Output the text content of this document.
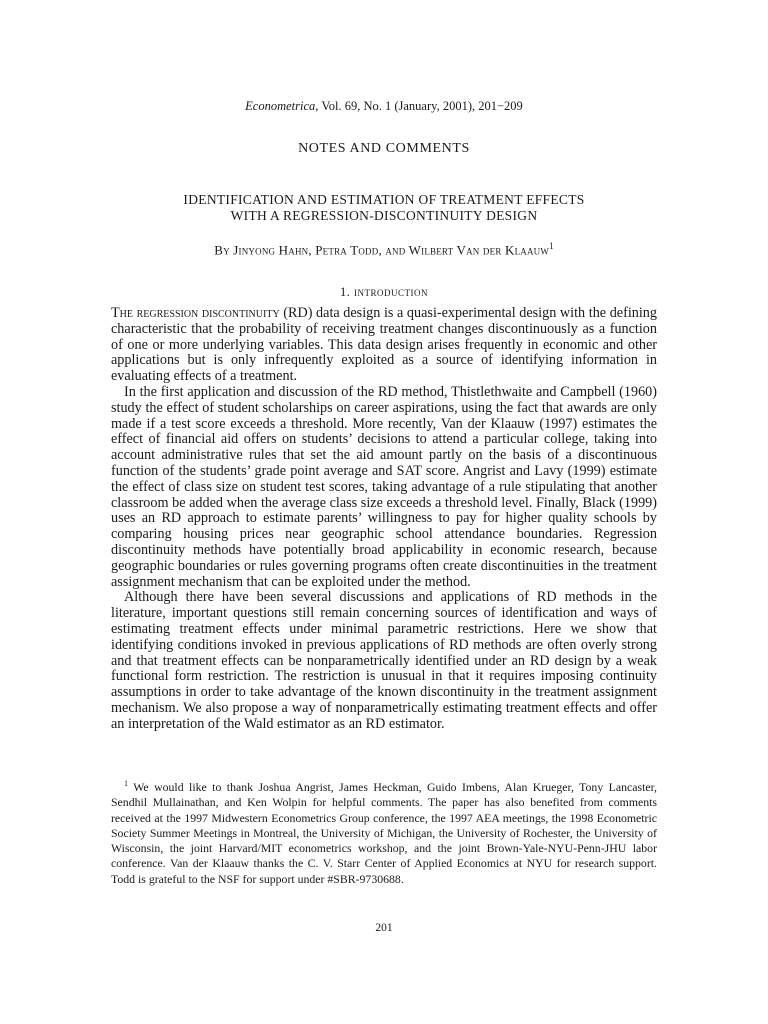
Econometrica, Vol. 69, No. 1 (January, 2001), 201−209
NOTES AND COMMENTS
IDENTIFICATION AND ESTIMATION OF TREATMENT EFFECTS
WITH A REGRESSION-DISCONTINUITY DESIGN
By Jinyong Hahn, Petra Todd, and Wilbert Van der Klaauw$^1$
1. introduction

The regression discontinuity (RD) data design is a quasi-experimental design with the defining characteristic that the probability of receiving treatment changes discontinuously as a function of one or more underlying variables. This data design arises frequently in economic and other applications but is only infrequently exploited as a source of identifying information in evaluating effects of a treatment.

In the first application and discussion of the RD method, Thistlethwaite and Campbell (1960) study the effect of student scholarships on career aspirations, using the fact that awards are only made if a test score exceeds a threshold. More recently, Van der Klaauw (1997) estimates the effect of financial aid offers on students’ decisions to attend a particular college, taking into account administrative rules that set the aid amount partly on the basis of a discontinuous function of the students’ grade point average and SAT score. Angrist and Lavy (1999) estimate the effect of class size on student test scores, taking advantage of a rule stipulating that another classroom be added when the average class size exceeds a threshold level. Finally, Black (1999) uses an RD approach to estimate parents’ willingness to pay for higher quality schools by comparing housing prices near geographic school attendance boundaries. Regression discontinuity methods have potentially broad applicability in economic research, because geographic boundaries or rules governing programs often create discontinuities in the treatment assignment mechanism that can be exploited under the method.

Although there have been several discussions and applications of RD methods in the literature, important questions still remain concerning sources of identification and ways of estimating treatment effects under minimal parametric restrictions. Here we show that identifying conditions invoked in previous applications of RD methods are often overly strong and that treatment effects can be nonparametrically identified under an RD design by a weak functional form restriction. The restriction is unusual in that it requires imposing continuity assumptions in order to take advantage of the known discontinuity in the treatment assignment mechanism. We also propose a way of nonparametrically estimating treatment effects and offer an interpretation of the Wald estimator as an RD estimator.

$^1$ We would like to thank Joshua Angrist, James Heckman, Guido Imbens, Alan Krueger, Tony Lancaster, Sendhil Mullainathan, and Ken Wolpin for helpful comments. The paper has also benefited from comments received at the 1997 Midwestern Econometrics Group conference, the 1997 AEA meetings, the 1998 Econometric Society Summer Meetings in Montreal, the University of Michigan, the University of Rochester, the University of Wisconsin, the joint Harvard/MIT econometrics workshop, and the joint Brown-Yale-NYU-Penn-JHU labor conference. Van der Klaauw thanks the C. V. Starr Center of Applied Economics at NYU for research support. Todd is grateful to the NSF for support under #SBR-9730688.
201
